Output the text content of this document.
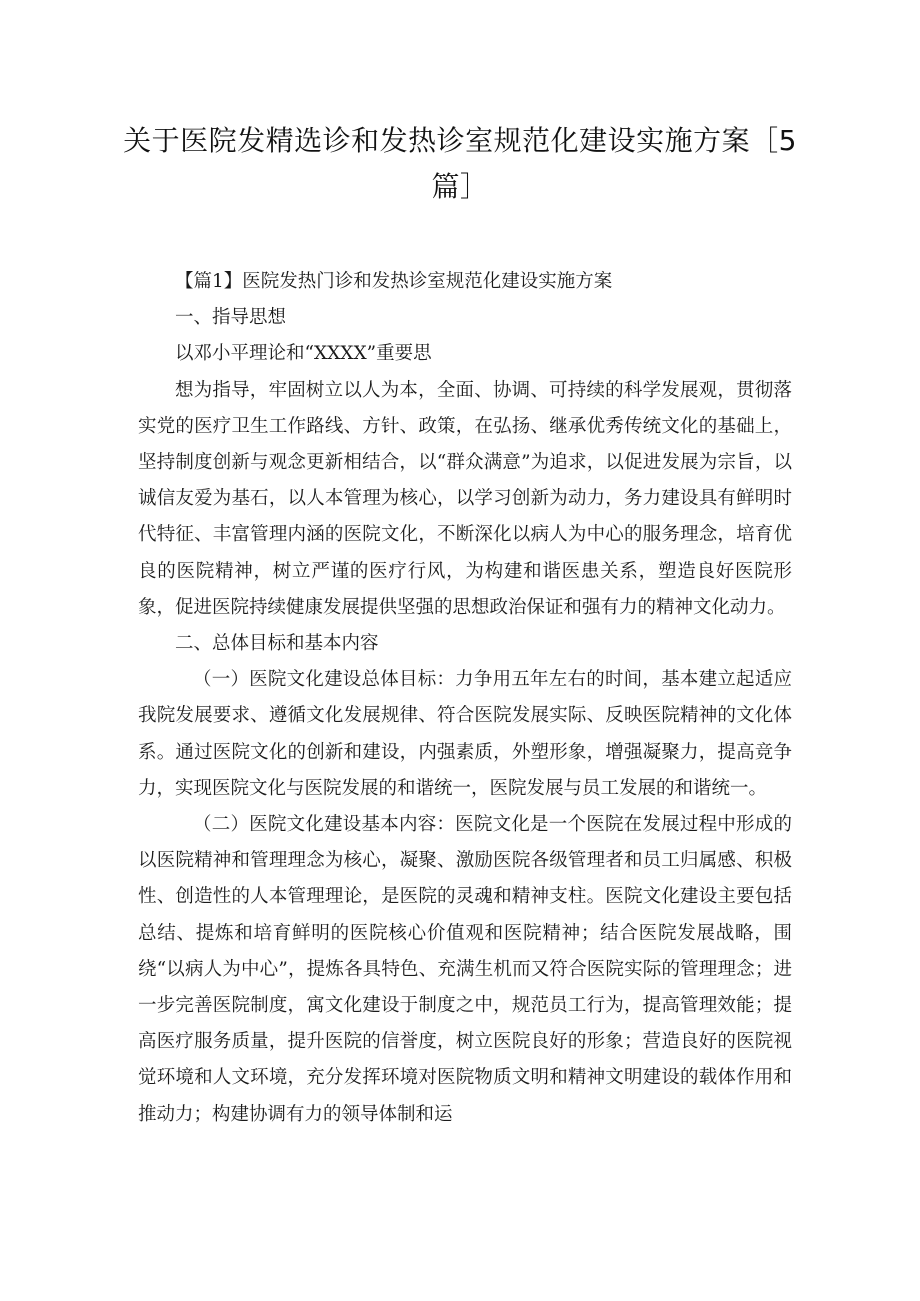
关于医院发精选诊和发热诊室规范化建设实施方案［5篇］

【篇1】医院发热门诊和发热诊室规范化建设实施方案

一、指导思想

以邓小平理论和“XXXX”重要思

想为指导，牢固树立以人为本，全面、协调、可持续的科学发展观，贯彻落实党的医疗卫生工作路线、方针、政策，在弘扬、继承优秀传统文化的基础上，坚持制度创新与观念更新相结合，以“群众满意”为追求，以促进发展为宗旨，以诚信友爱为基石，以人本管理为核心，以学习创新为动力，务力建设具有鲜明时代特征、丰富管理内涵的医院文化，不断深化以病人为中心的服务理念，培育优良的医院精神，树立严谨的医疗行风，为构建和谐医患关系，塑造良好医院形象，促进医院持续健康发展提供坚强的思想政治保证和强有力的精神文化动力。

二、总体目标和基本内容

（一）医院文化建设总体目标：力争用五年左右的时间，基本建立起适应我院发展要求、遵循文化发展规律、符合医院发展实际、反映医院精神的文化体系。通过医院文化的创新和建设，内强素质，外塑形象，增强凝聚力，提高竞争力，实现医院文化与医院发展的和谐统一，医院发展与员工发展的和谐统一。

（二）医院文化建设基本内容：医院文化是一个医院在发展过程中形成的以医院精神和管理理念为核心，凝聚、激励医院各级管理者和员工归属感、积极性、创造性的人本管理理论，是医院的灵魂和精神支柱。医院文化建设主要包括总结、提炼和培育鲜明的医院核心价值观和医院精神；结合医院发展战略，围绕“以病人为中心”，提炼各具特色、充满生机而又符合医院实际的管理理念；进一步完善医院制度，寓文化建设于制度之中，规范员工行为，提高管理效能；提高医疗服务质量，提升医院的信誉度，树立医院良好的形象；营造良好的医院视觉环境和人文环境，充分发挥环境对医院物质文明和精神文明建设的载体作用和推动力；构建协调有力的领导体制和运
